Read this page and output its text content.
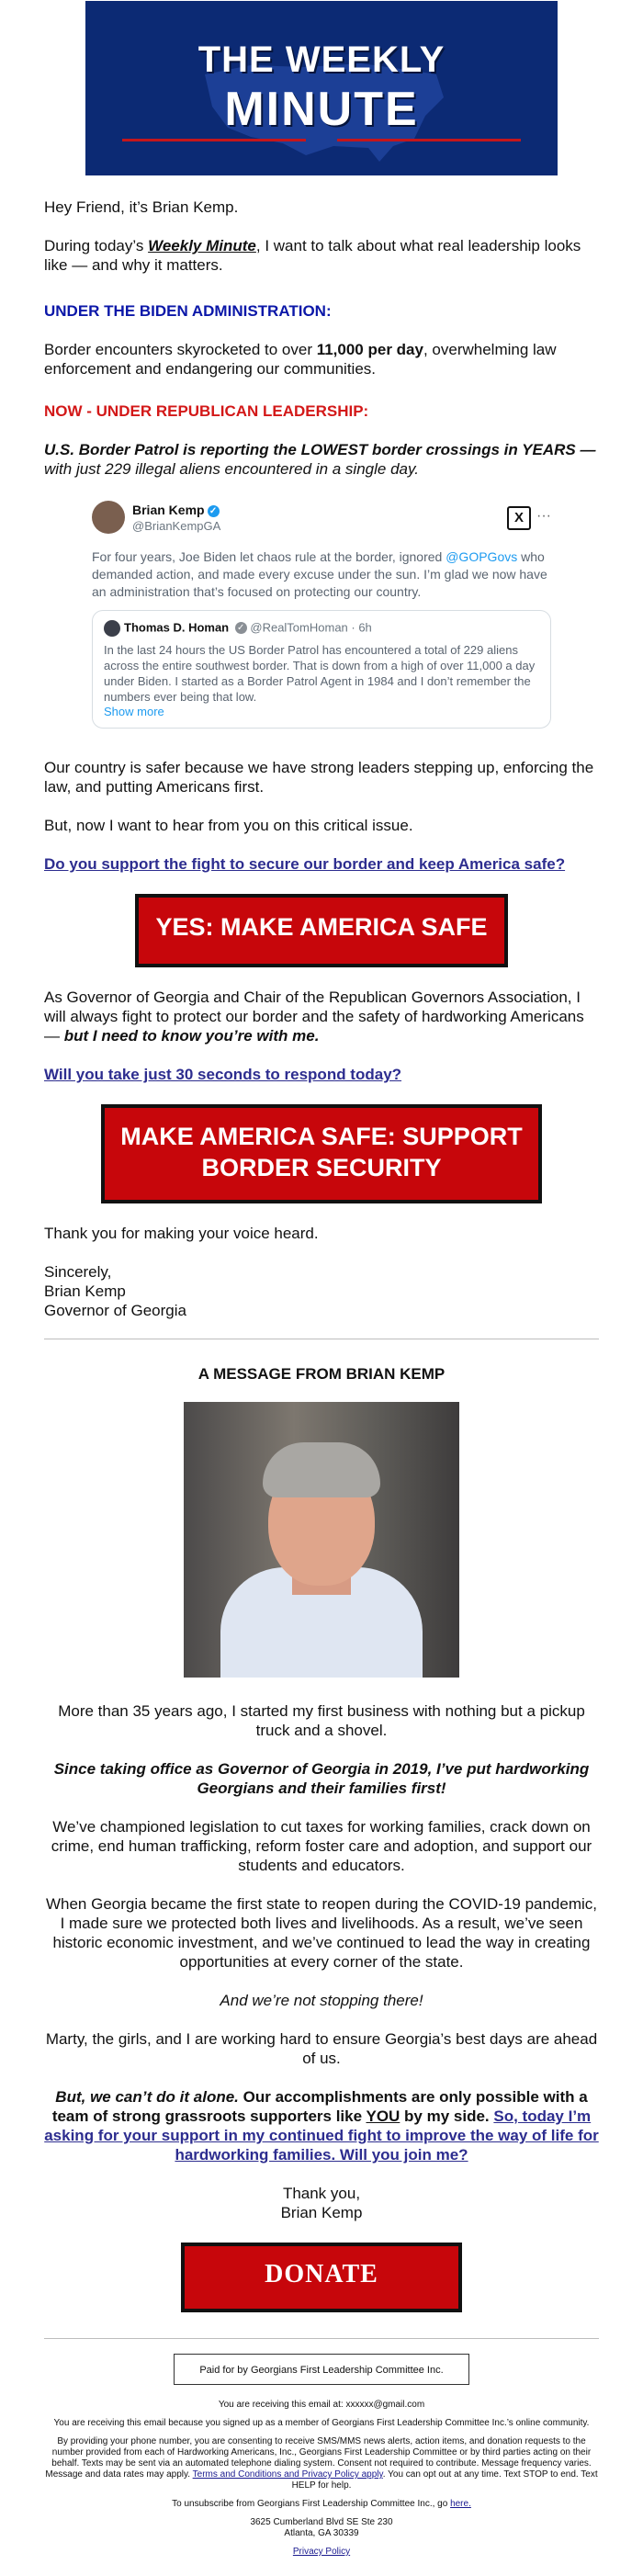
THE WEEKLY
MINUTE

Hey Friend, it’s Brian Kemp.

During today’s Weekly Minute, I want to talk about what real leadership looks like — and why it matters.

UNDER THE BIDEN ADMINISTRATION:

Border encounters skyrocketed to over 11,000 per day, overwhelming law enforcement and endangering our communities.

NOW - UNDER REPUBLICAN LEADERSHIP:

U.S. Border Patrol is reporting the LOWEST border crossings in YEARS — with just 229 illegal aliens encountered in a single day.

Brian Kemp ✓
@BrianKempGA
X ···

For four years, Joe Biden let chaos rule at the border, ignored @GOPGovs who demanded action, and made every excuse under the sun. I’m glad we now have an administration that’s focused on protecting our country.

Thomas D. Homan ✓ @RealTomHoman · 6h

In the last 24 hours the US Border Patrol has encountered a total of 229 aliens across the entire southwest border. That is down from a high of over 11,000 a day under Biden. I started as a Border Patrol Agent in 1984 and I don’t remember the numbers ever being that low.

Show more

Our country is safer because we have strong leaders stepping up, enforcing the law, and putting Americans first.

But, now I want to hear from you on this critical issue.

Do you support the fight to secure our border and keep America safe?
YES: MAKE AMERICA SAFE

As Governor of Georgia and Chair of the Republican Governors Association, I will always fight to protect our border and the safety of hardworking Americans — but I need to know you’re with me.

Will you take just 30 seconds to respond today?
MAKE AMERICA SAFE: SUPPORT
BORDER SECURITY

Thank you for making your voice heard.

Sincerely,

Brian Kemp

Governor of Georgia

A MESSAGE FROM BRIAN KEMP

More than 35 years ago, I started my first business with nothing but a pickup truck and a shovel.

Since taking office as Governor of Georgia in 2019, I’ve put hardworking Georgians and their families first!

We’ve championed legislation to cut taxes for working families, crack down on crime, end human trafficking, reform foster care and adoption, and support our students and educators.

When Georgia became the first state to reopen during the COVID-19 pandemic, I made sure we protected both lives and livelihoods. As a result, we’ve seen historic economic investment, and we’ve continued to lead the way in creating opportunities at every corner of the state.

And we’re not stopping there!

Marty, the girls, and I are working hard to ensure Georgia’s best days are ahead of us.

But, we can’t do it alone. Our accomplishments are only possible with a team of strong grassroots supporters like YOU by my side. So, today I’m asking for your support in my continued fight to improve the way of life for hardworking families. Will you join me?

Thank you,

Brian Kemp

DONATE
Paid for by Georgians First Leadership Committee Inc.

You are receiving this email at: xxxxxx@gmail.com

You are receiving this email because you signed up as a member of Georgians First Leadership Committee Inc.’s online community.

By providing your phone number, you are consenting to receive SMS/MMS news alerts, action items, and donation requests to the number provided from each of Hardworking Americans, Inc., Georgians First Leadership Committee or by third parties acting on their behalf. Texts may be sent via an automated telephone dialing system. Consent not required to contribute. Message frequency varies. Message and data rates may apply. Terms and Conditions and Privacy Policy apply. You can opt out at any time. Text STOP to end. Text HELP for help.

To unsubscribe from Georgians First Leadership Committee Inc., go here.

3625 Cumberland Blvd SE Ste 230

Atlanta, GA 30339

Privacy Policy
